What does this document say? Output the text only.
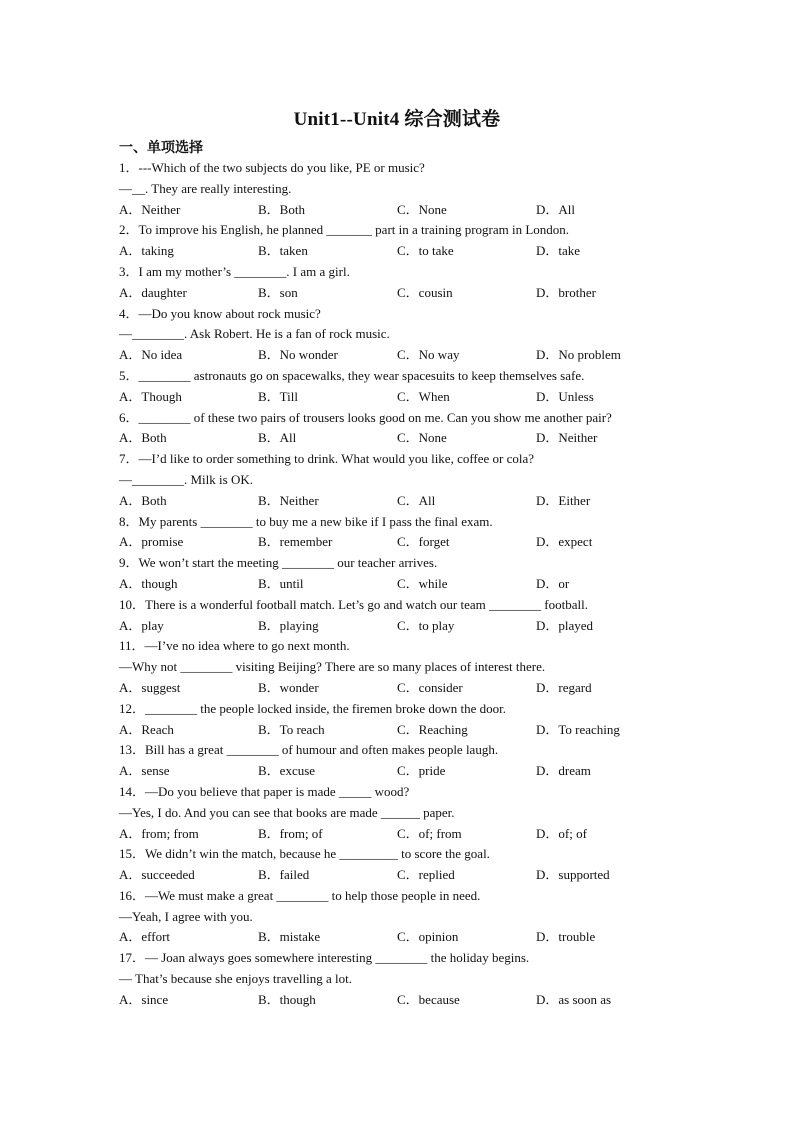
Unit1--Unit4 综合测试卷
一、单项选择
1．---Which of the two subjects do you like, PE or music?
—__. They are really interesting.
A．Neither	B．Both	C．None	D．All
2．To improve his English, he planned _______ part in a training program in London.
A．taking	B．taken	C．to take	D．take
3．I am my mother’s ________. I am a girl.
A．daughter	B．son	C．cousin	D．brother
4．—Do you know about rock music?
—________. Ask Robert. He is a fan of rock music.
A．No idea	B．No wonder	C．No way	D．No problem
5．________ astronauts go on spacewalks, they wear spacesuits to keep themselves safe.
A．Though	B．Till	C．When	D．Unless
6．________ of these two pairs of trousers looks good on me. Can you show me another pair?
A．Both	B．All	C．None	D．Neither
7．—I’d like to order something to drink. What would you like, coffee or cola?
—________. Milk is OK.
A．Both	B．Neither	C．All	D．Either
8．My parents ________ to buy me a new bike if I pass the final exam.
A．promise	B．remember	C．forget	D．expect
9．We won’t start the meeting ________ our teacher arrives.
A．though	B．until	C．while	D．or
10．There is a wonderful football match. Let’s go and watch our team ________ football.
A．play	B．playing	C．to play	D．played
11．—I’ve no idea where to go next month.
—Why not ________ visiting Beijing? There are so many places of interest there.
A．suggest	B．wonder	C．consider	D．regard
12．________ the people locked inside, the firemen broke down the door.
A．Reach	B．To reach	C．Reaching	D．To reaching
13．Bill has a great ________ of humour and often makes people laugh.
A．sense	B．excuse	C．pride	D．dream
14．—Do you believe that paper is made _____ wood?
—Yes, I do. And you can see that books are made ______ paper.
A．from; from	B．from; of	C．of; from	D．of; of
15．We didn’t win the match, because he _________ to score the goal.
A．succeeded	B．failed	C．replied	D．supported
16．—We must make a great ________ to help those people in need.
—Yeah, I agree with you.
A．effort	B．mistake	C．opinion	D．trouble
17．— Joan always goes somewhere interesting ________ the holiday begins.
— That’s because she enjoys travelling a lot.
A．since	B．though	C．because	D．as soon as
